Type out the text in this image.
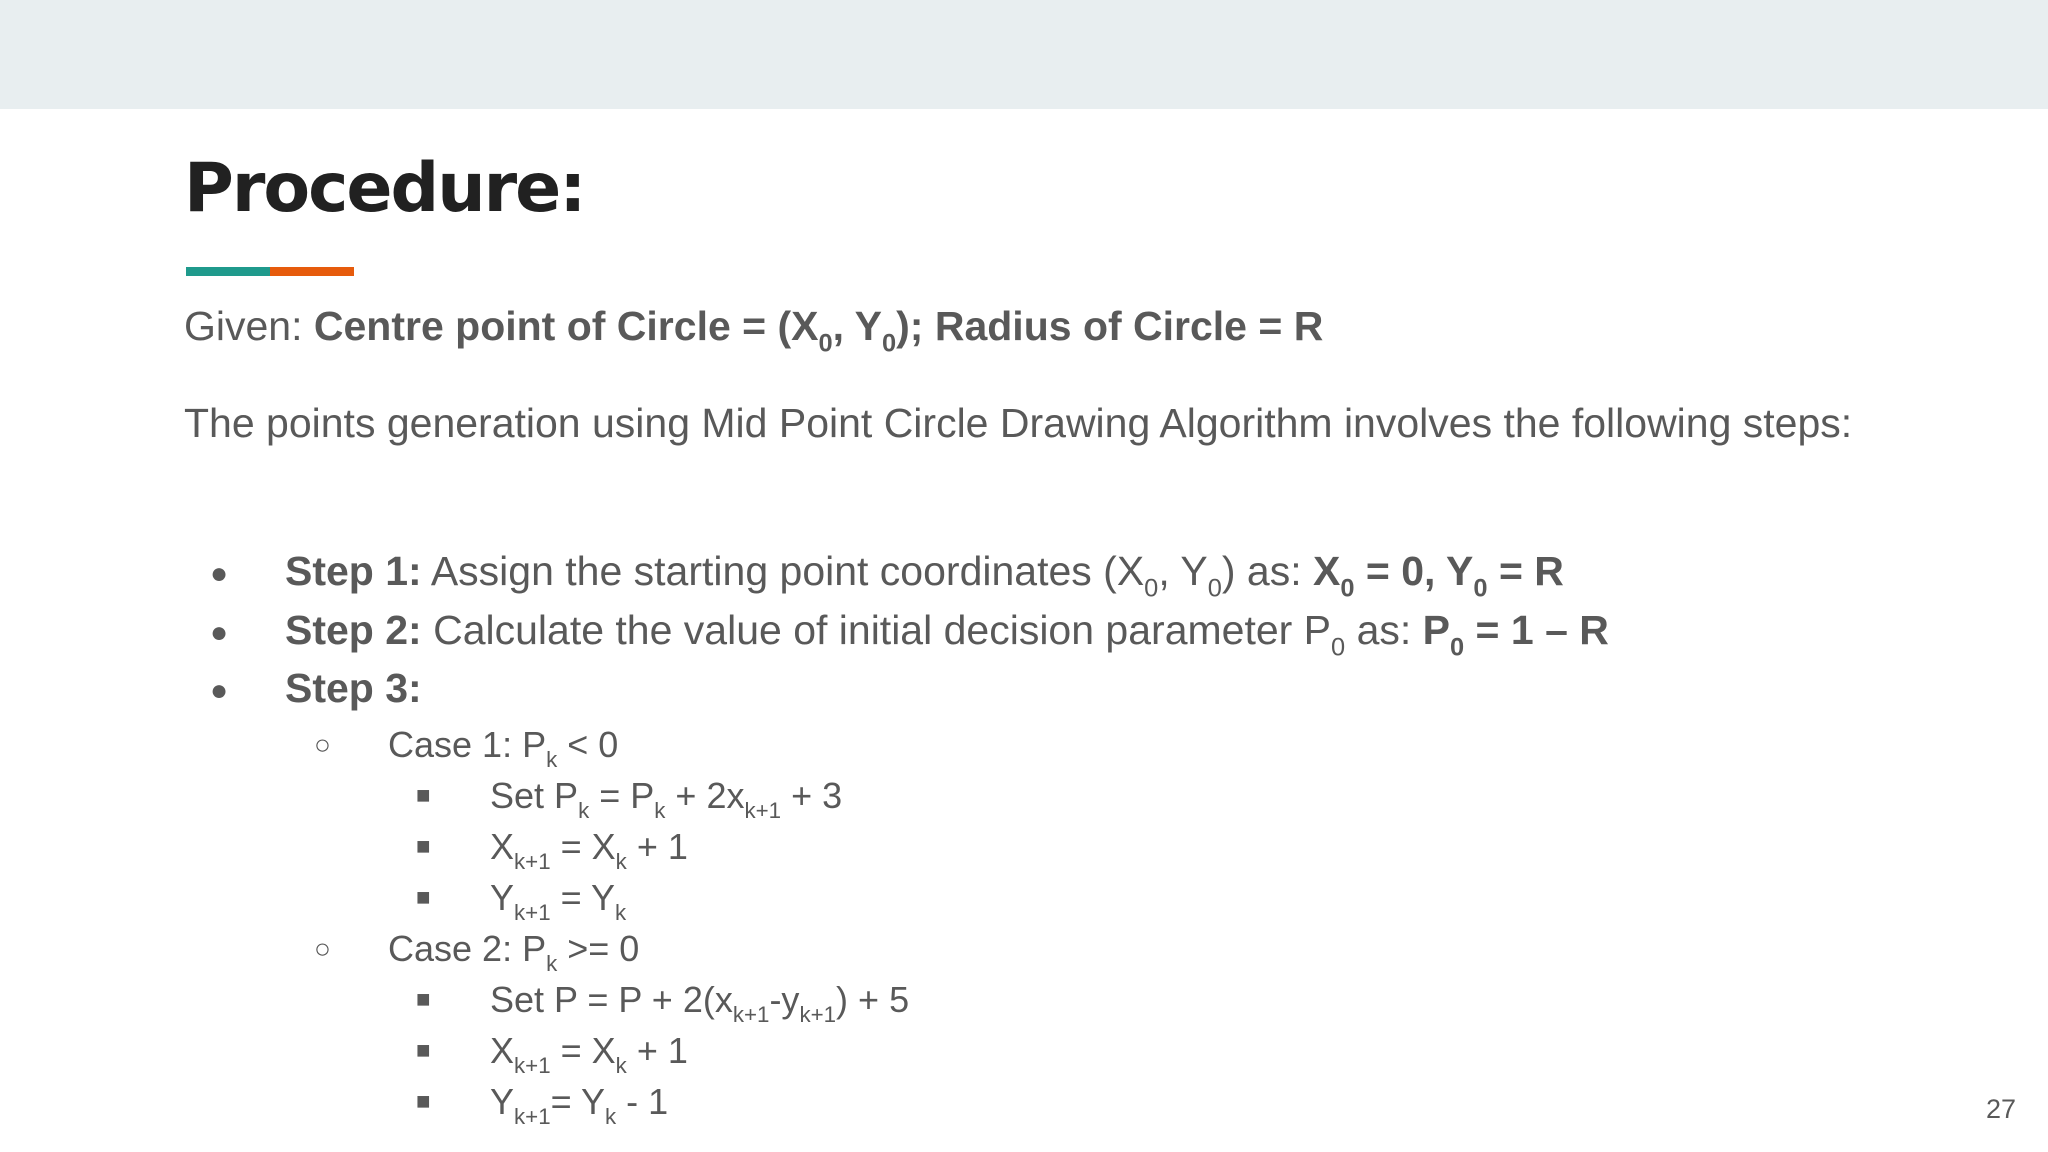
Procedure:
Given: Centre point of Circle = ($X_0$, $Y_0$); Radius of Circle = R
The points generation using Mid Point Circle Drawing Algorithm involves the following steps:
● Step 1: Assign the starting point coordinates ($X_0$, $Y_0$) as: $X_0 = 0$, $Y_0 = R$
● Step 2: Calculate the value of initial decision parameter $P_0$ as: $P_0 = 1 - R$
● Step 3:
○ Case 1: $P_k < 0$
■ Set $P_k = P_k + 2x_{k+1} + 3$
■ $X_{k+1} = X_k + 1$
■ $Y_{k+1} = Y_k$
○ Case 2: $P_k >= 0$
■ Set $P = P + 2(x_{k+1}-y_{k+1}) + 5$
■ $X_{k+1} = X_k + 1$
■ $Y_{k+1}= Y_k - 1$	27
